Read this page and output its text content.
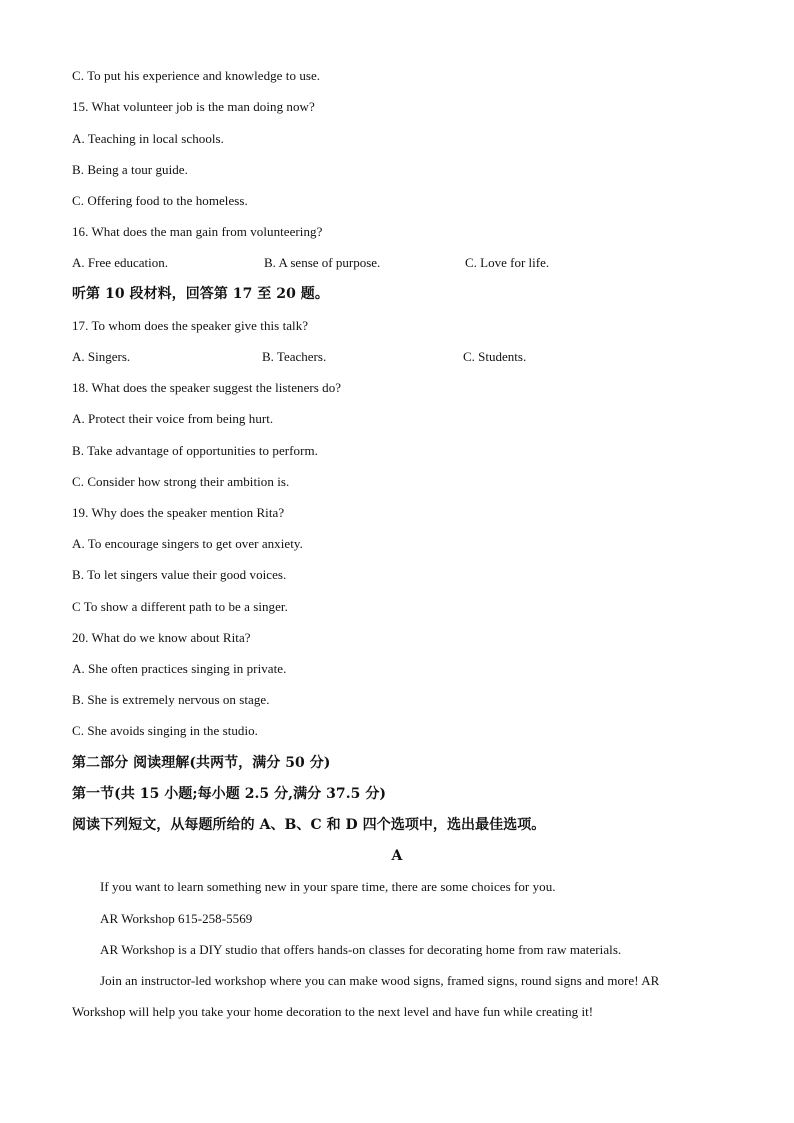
C. To put his experience and knowledge to use.
15. What volunteer job is the man doing now?
A. Teaching in local schools.
B. Being a tour guide.
C. Offering food to the homeless.
16. What does the man gain from volunteering?
A. Free education.	B. A sense of purpose.	C. Love for life.
听第 10 段材料，回答第 17 至 20 题。
17. To whom does the speaker give this talk?
A. Singers.	B. Teachers.	C. Students.
18. What does the speaker suggest the listeners do?
A. Protect their voice from being hurt.
B. Take advantage of opportunities to perform.
C. Consider how strong their ambition is.
19. Why does the speaker mention Rita?
A. To encourage singers to get over anxiety.
B. To let singers value their good voices.
C To show a different path to be a singer.
20. What do we know about Rita?
A. She often practices singing in private.
B. She is extremely nervous on stage.
C. She avoids singing in the studio.
第二部分 阅读理解(共两节，满分 50 分)
第一节(共 15 小题;每小题 2.5 分,满分 37.5 分)
阅读下列短文，从每题所给的 A、B、C 和 D 四个选项中，选出最佳选项。
A
If you want to learn something new in your spare time, there are some choices for you.
AR Workshop 615-258-5569
AR Workshop is a DIY studio that offers hands-on classes for decorating home from raw materials.
Join an instructor-led workshop where you can make wood signs, framed signs, round signs and more! AR
Workshop will help you take your home decoration to the next level and have fun while creating it!
